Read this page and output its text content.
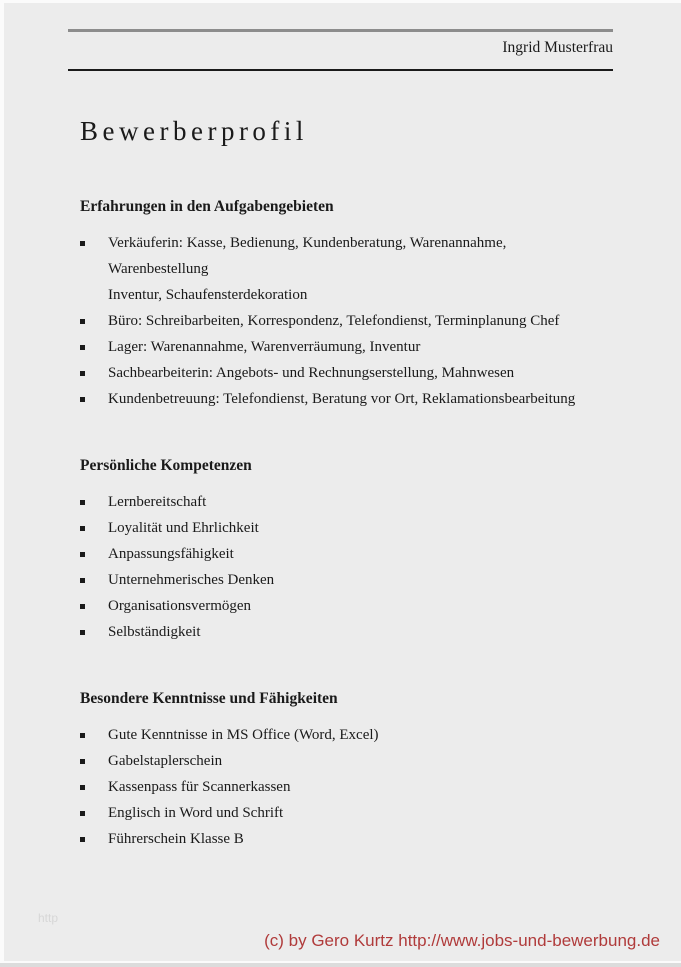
Ingrid Musterfrau
Bewerberprofil
Erfahrungen in den Aufgabengebieten
Verkäuferin: Kasse, Bedienung, Kundenberatung, Warenannahme,
Warenbestellung
Inventur, Schaufensterdekoration
Büro: Schreibarbeiten, Korrespondenz, Telefondienst, Terminplanung Chef
Lager: Warenannahme, Warenverräumung, Inventur
Sachbearbeiterin: Angebots- und Rechnungserstellung, Mahnwesen
Kundenbetreuung: Telefondienst, Beratung vor Ort, Reklamationsbearbeitung
Persönliche Kompetenzen
Lernbereitschaft
Loyalität und Ehrlichkeit
Anpassungsfähigkeit
Unternehmerisches Denken
Organisationsvermögen
Selbständigkeit
Besondere Kenntnisse und Fähigkeiten
Gute Kenntnisse in MS Office (Word, Excel)
Gabelstaplerschein
Kassenpass für Scannerkassen
Englisch in Word und Schrift
Führerschein Klasse B
http
(c) by Gero Kurtz http://www.jobs-und-bewerbung.de
